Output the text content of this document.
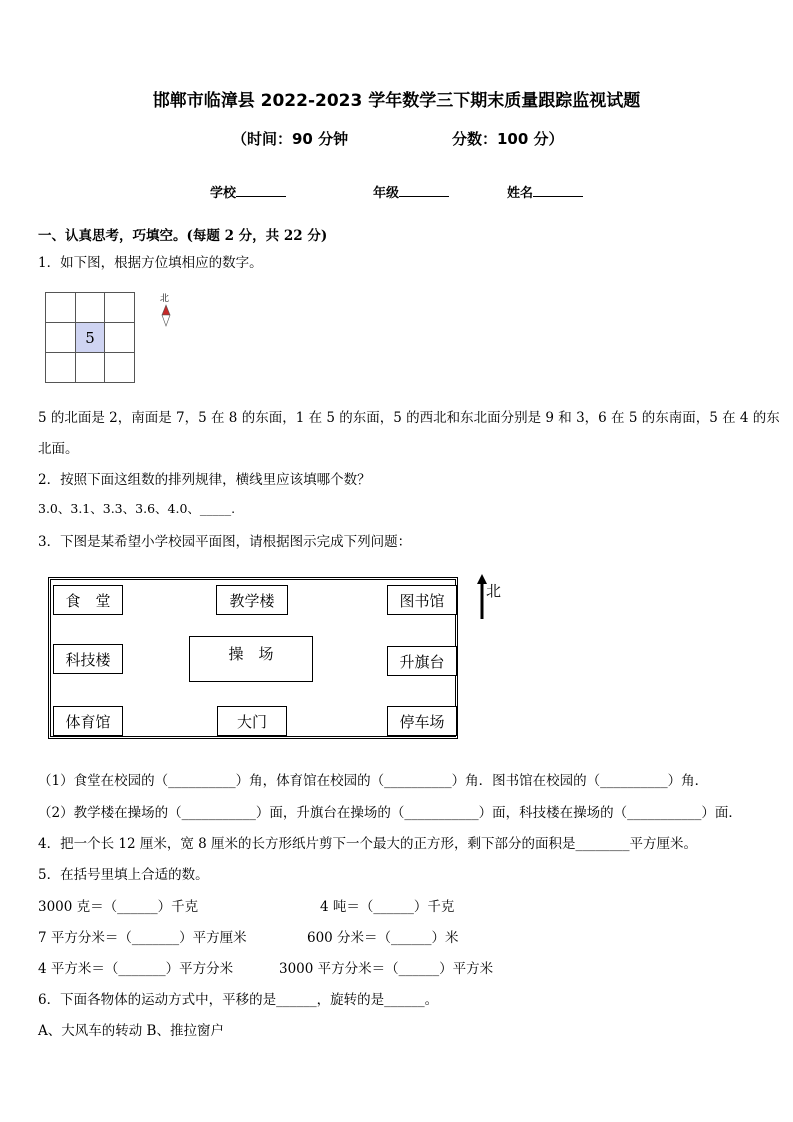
邯郸市临漳县 2022-2023 学年数学三下期末质量跟踪监视试题
（时间：90 分钟	分数：100 分）
学校	年级	姓名
一、认真思考，巧填空。(每题 2 分，共 22 分)
1．如下图，根据方位填相应的数字。

	5	

北
5 的北面是 2，南面是 7，5 在 8 的东面，1 在 5 的东面，5 的西北和东北面分别是 9 和 3，6 在 5 的东南面，5 在 4 的东
北面。
2．按照下面这组数的排列规律，横线里应该填哪个数？
3.0、3.1、3.3、3.6、4.0、_____.
3．下图是某希望小学校园平面图，请根据图示完成下列问题：
食　堂	教学楼	图书馆
科技楼	操　场	升旗台
体育馆	大门	停车场
北
（1）食堂在校园的（__________）角，体育馆在校园的（__________）角．图书馆在校园的（__________）角．
（2）教学楼在操场的（___________）面，升旗台在操场的（___________）面，科技楼在操场的（___________）面．
4．把一个长 12 厘米，宽 8 厘米的长方形纸片剪下一个最大的正方形，剩下部分的面积是________平方厘米。
5．在括号里填上合适的数。
3000 克＝（______）千克	4 吨＝（______）千克
7 平方分米＝（_______）平方厘米	600 分米＝（______）米
4 平方米＝（_______）平方分米	3000 平方分米＝（______）平方米
6．下面各物体的运动方式中，平移的是______，旋转的是______。
A、大风车的转动 B、推拉窗户
